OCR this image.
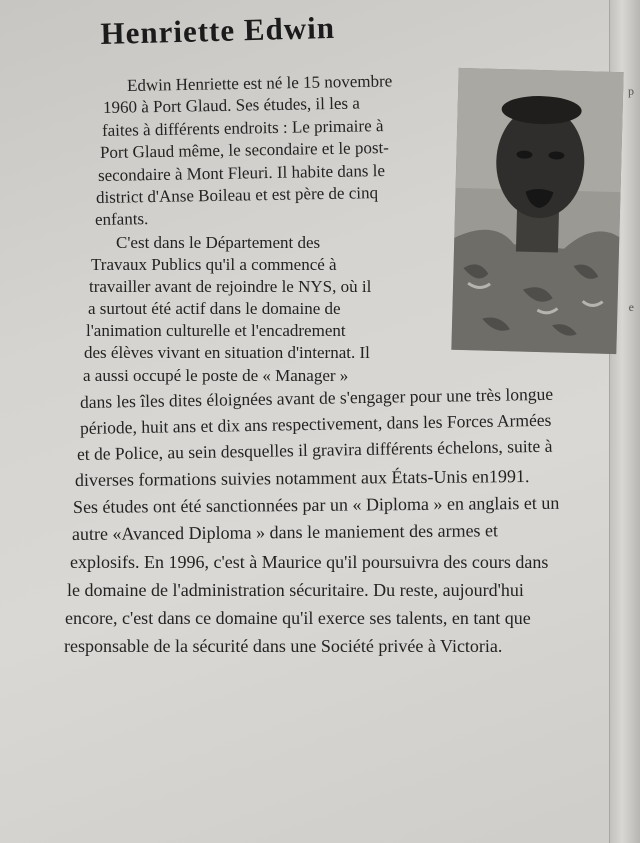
p
e
Henriette Edwin
Edwin Henriette est né le 15 novembre
1960 à Port Glaud. Ses études, il les a
faites à différents endroits : Le primaire à
Port Glaud même, le secondaire et le post-
secondaire à Mont Fleuri. Il habite dans le
district d'Anse Boileau et est père de cinq
enfants.
C'est dans le Département des
Travaux Publics qu'il a commencé à
travailler avant de rejoindre le NYS, où il
a surtout été actif dans le domaine de
l'animation culturelle et l'encadrement
des élèves vivant en situation d'internat. Il
a aussi occupé le poste de « Manager »
dans les îles dites éloignées avant de s'engager pour une très longue
période, huit ans et dix ans respectivement, dans les Forces Armées
et de Police, au sein desquelles il gravira différents échelons, suite à
diverses formations suivies notamment aux États-Unis en1991.
Ses études ont été sanctionnées par un « Diploma » en anglais et un
autre «Avanced Diploma » dans le maniement des armes et
explosifs. En 1996, c'est à Maurice qu'il poursuivra des cours dans
le domaine de l'administration sécuritaire. Du reste, aujourd'hui
encore, c'est dans ce domaine qu'il exerce ses talents, en tant que
responsable de la sécurité dans une Société privée à Victoria.
